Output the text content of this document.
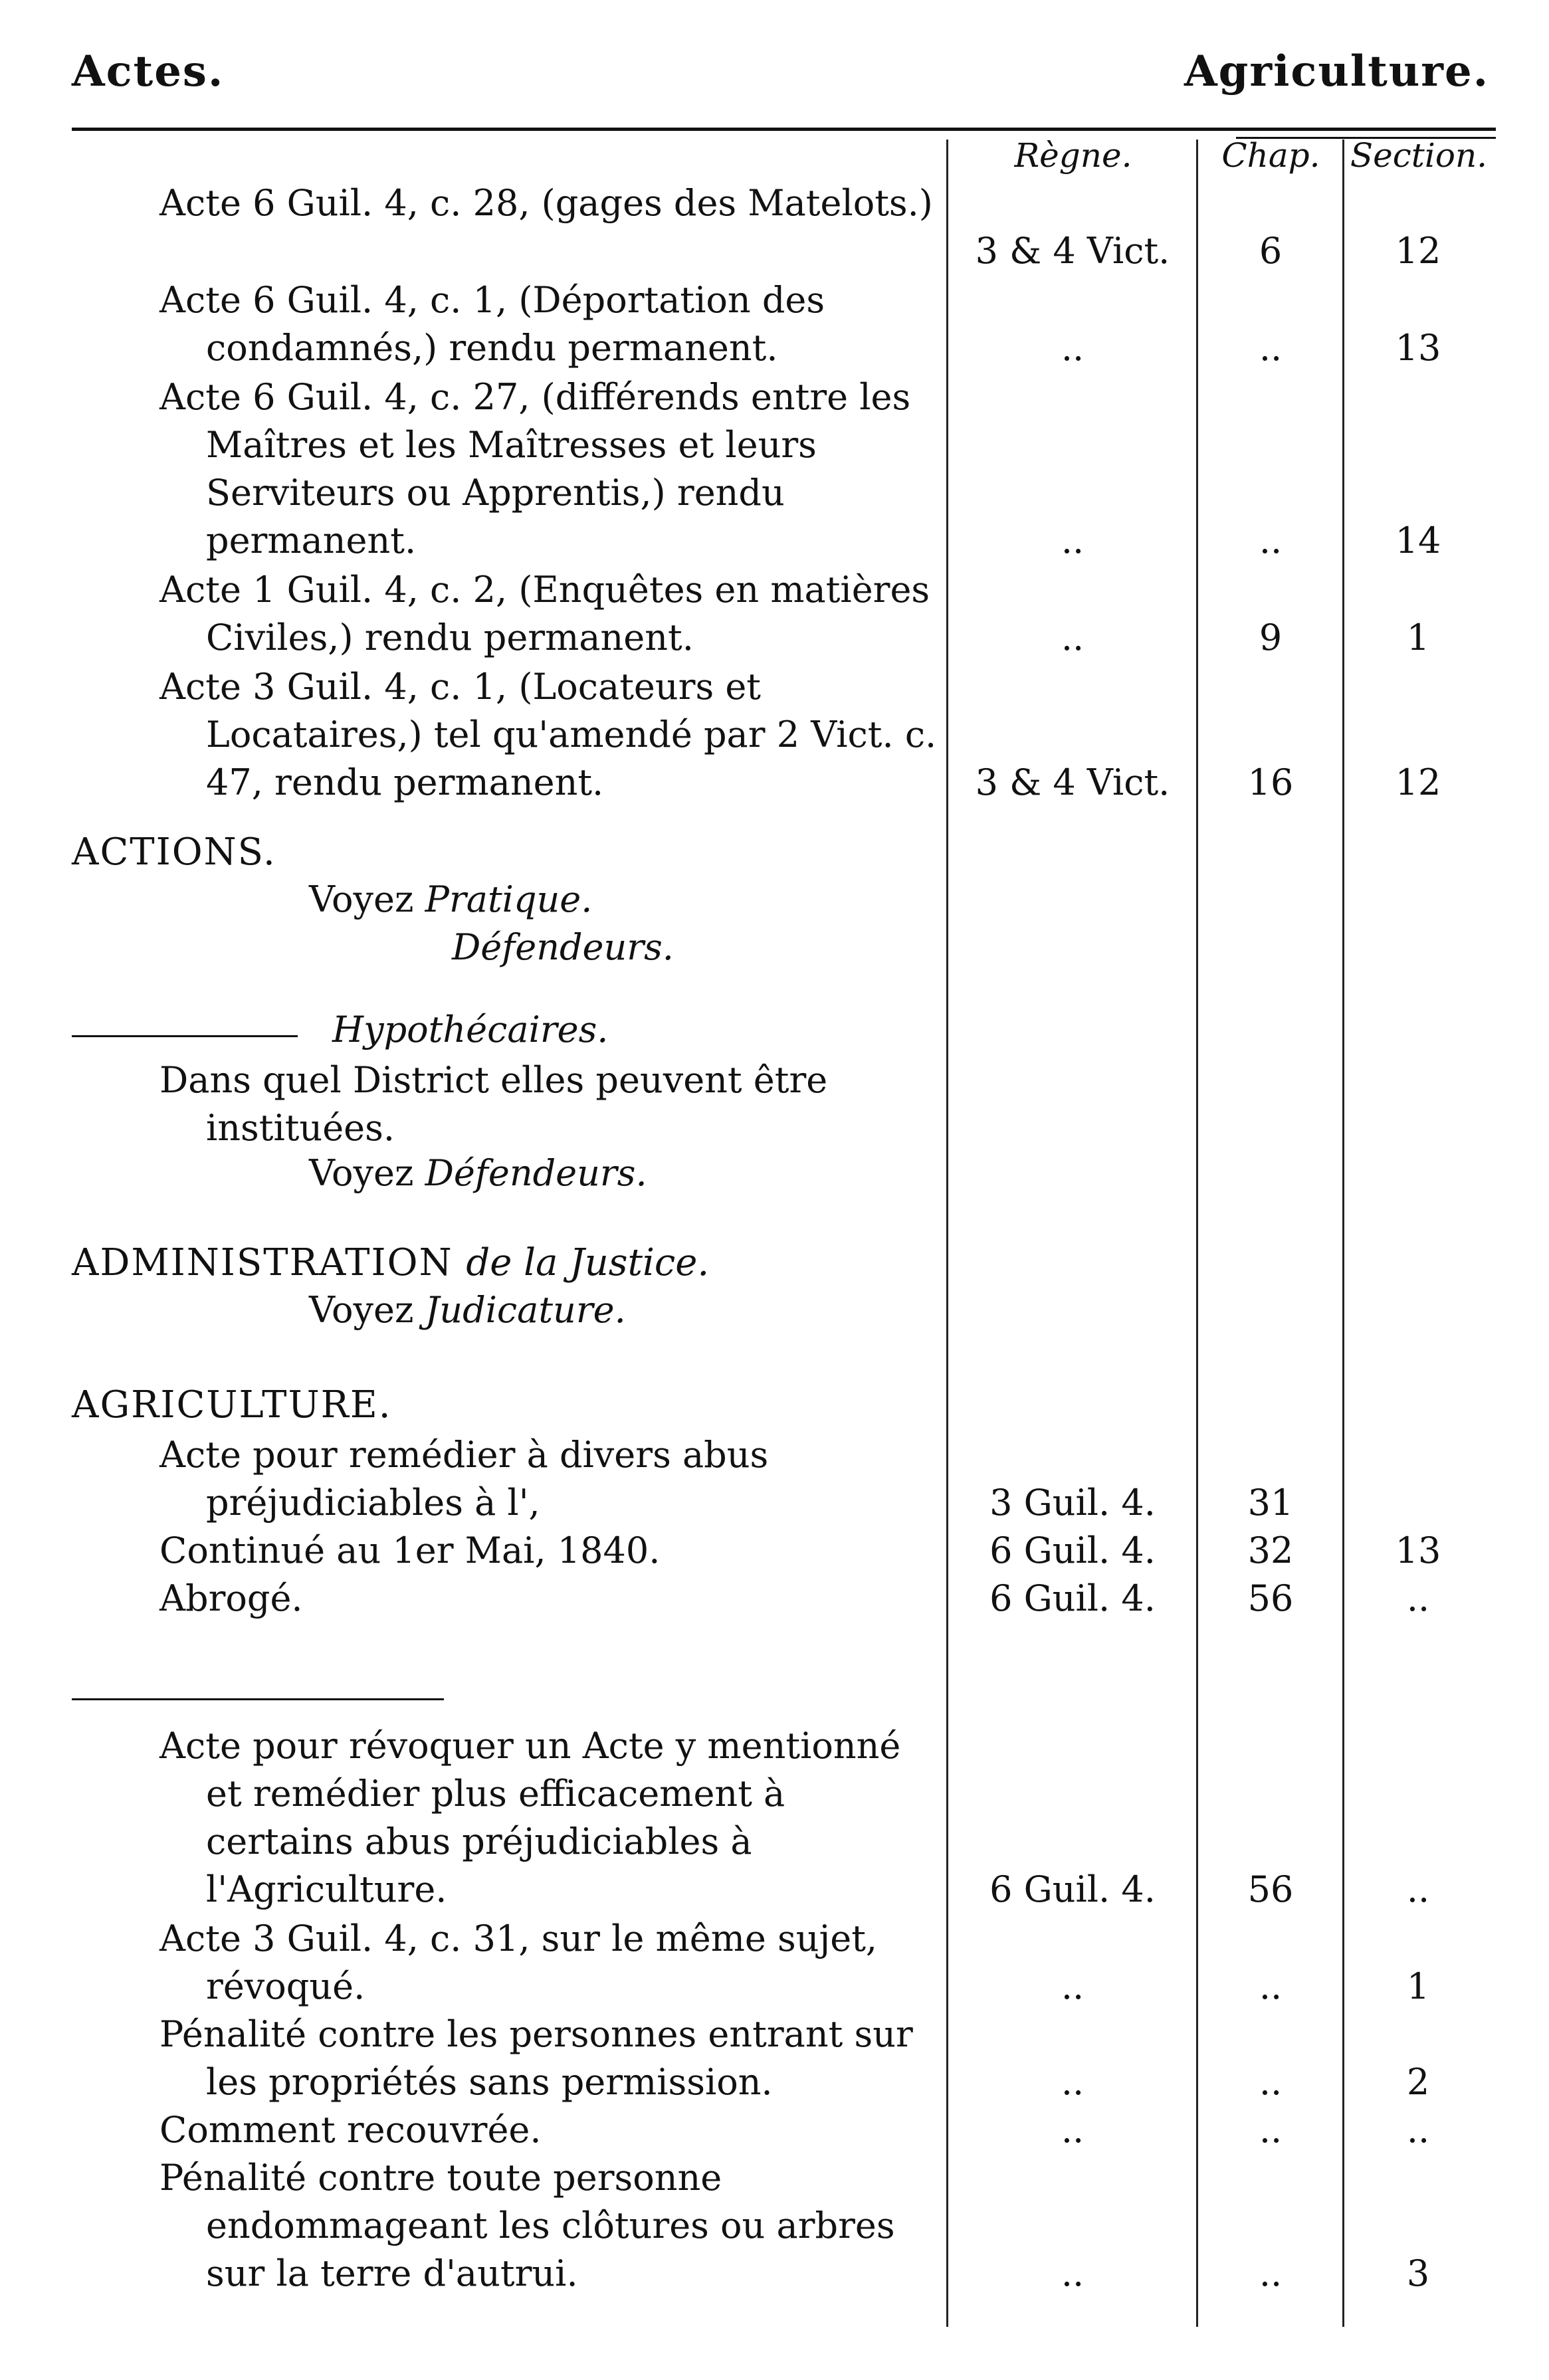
Actes.	Agriculture.
Règne.	Chap. Section.
Acte 6 Guil. 4, c. 28, (gages des Matelots.)
3 & 4 Vict.	6	12
Acte 6 Guil. 4, c. 1, (Déportation des condamnés,) rendu permanent.	..	..	13
Acte 6 Guil. 4, c. 27, (différends entre les Maîtres et les Maîtresses et leurs Serviteurs ou Apprentis,) rendu permanent.	..	..	14
Acte 1 Guil. 4, c. 2, (Enquêtes en matières Civiles,) rendu permanent.	..	9	1
Acte 3 Guil. 4, c. 1, (Locateurs et Locataires,) tel qu'amendé par 2 Vict. c. 47, rendu permanent.	3 & 4 Vict.	16	12
ACTIONS.
Voyez Pratique.
Défendeurs.
Hypothécaires.
Dans quel District elles peuvent être instituées.
Voyez Défendeurs.
ADMINISTRATION de la Justice.
Voyez Judicature.
AGRICULTURE.
Acte pour remédier à divers abus préjudiciables à l',	3 Guil. 4.	31
Continué au 1er Mai, 1840.	6 Guil. 4.	32	13
Abrogé.	6 Guil. 4.	56	..
Acte pour révoquer un Acte y mentionné et remédier plus efficacement à certains abus préjudiciables à l'Agriculture.	6 Guil. 4.	56	..
Acte 3 Guil. 4, c. 31, sur le même sujet, révoqué.	..	..	1
Pénalité contre les personnes entrant sur les propriétés sans permission.	..	..	2
Comment recouvrée.	..	..	..
Pénalité contre toute personne endommageant les clôtures ou arbres sur la terre d'autrui.	..	..	3
